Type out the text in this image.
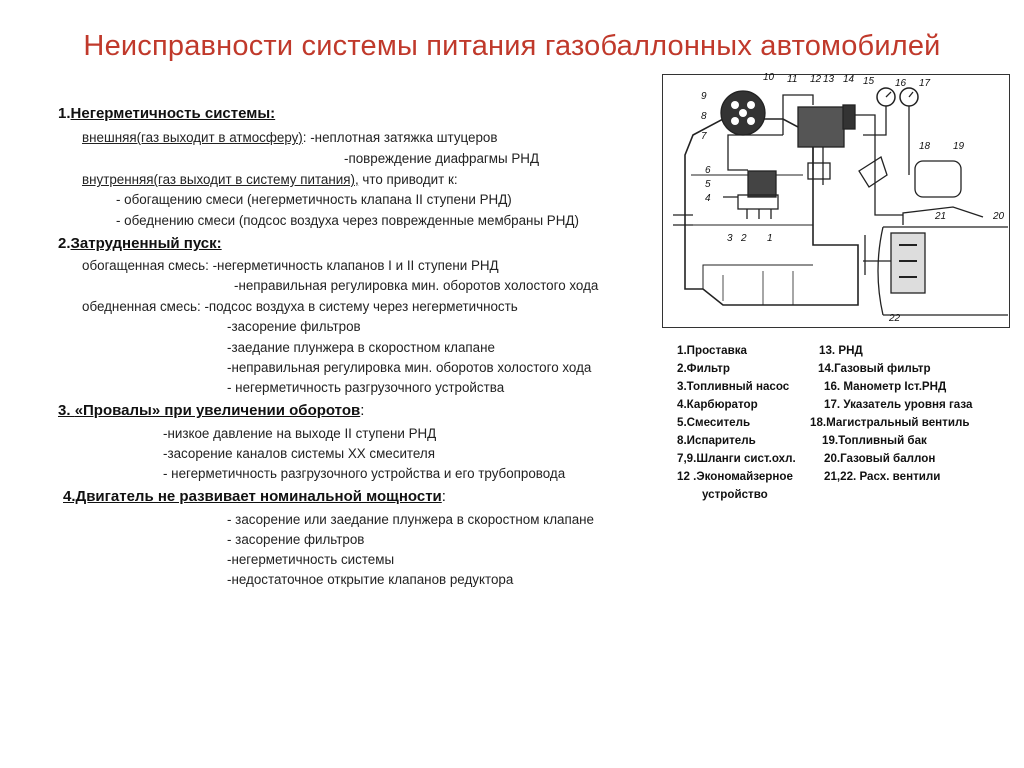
Неисправности системы питания газобаллонных автомобилей
1.Негерметичность системы:
внешняя(газ выходит в атмосферу): -неплотная затяжка штуцеров
-повреждение диафрагмы РНД
внутренняя(газ выходит в систему питания), что приводит к:
- обогащению смеси (негерметичность клапана II ступени РНД)
- обеднению смеси (подсос воздуха через поврежденные мембраны РНД)
2.Затрудненный пуск:
обогащенная смесь: -негерметичность клапанов I и II ступени РНД
-неправильная регулировка мин. оборотов холостого хода
обедненная смесь: -подсос воздуха в систему через негерметичность
-засорение фильтров
-заедание плунжера в скоростном клапане
-неправильная регулировка мин. оборотов холостого хода
- негерметичность разгрузочного устройства
3. «Провалы» при увеличении оборотов:
-низкое давление на выходе II ступени РНД
-засорение каналов системы XX смесителя
- негерметичность разгрузочного устройства и его трубопровода
4.Двигатель не развивает номинальной мощности:
- засорение или заедание плунжера в скоростном клапане
- засорение фильтров
-негерметичность системы
-недостаточное открытие клапанов редуктора
10 11 12 13 14 15 16 17
9
8
7
6
5
4
3 2 1
18 19
20
21
22
1.Проставка
2.Фильтр
3.Топливный насос
4.Карбюратор
5.Смеситель
8.Испаритель
7,9.Шланги сист.охл.
12 .Экономайзерное
устройство
13. РНД
14.Газовый фильтр
16. Манометр Iст.РНД
17. Указатель уровня газа
18.Магистральный вентиль
19.Топливный бак
20.Газовый баллон
21,22. Расх. вентили
